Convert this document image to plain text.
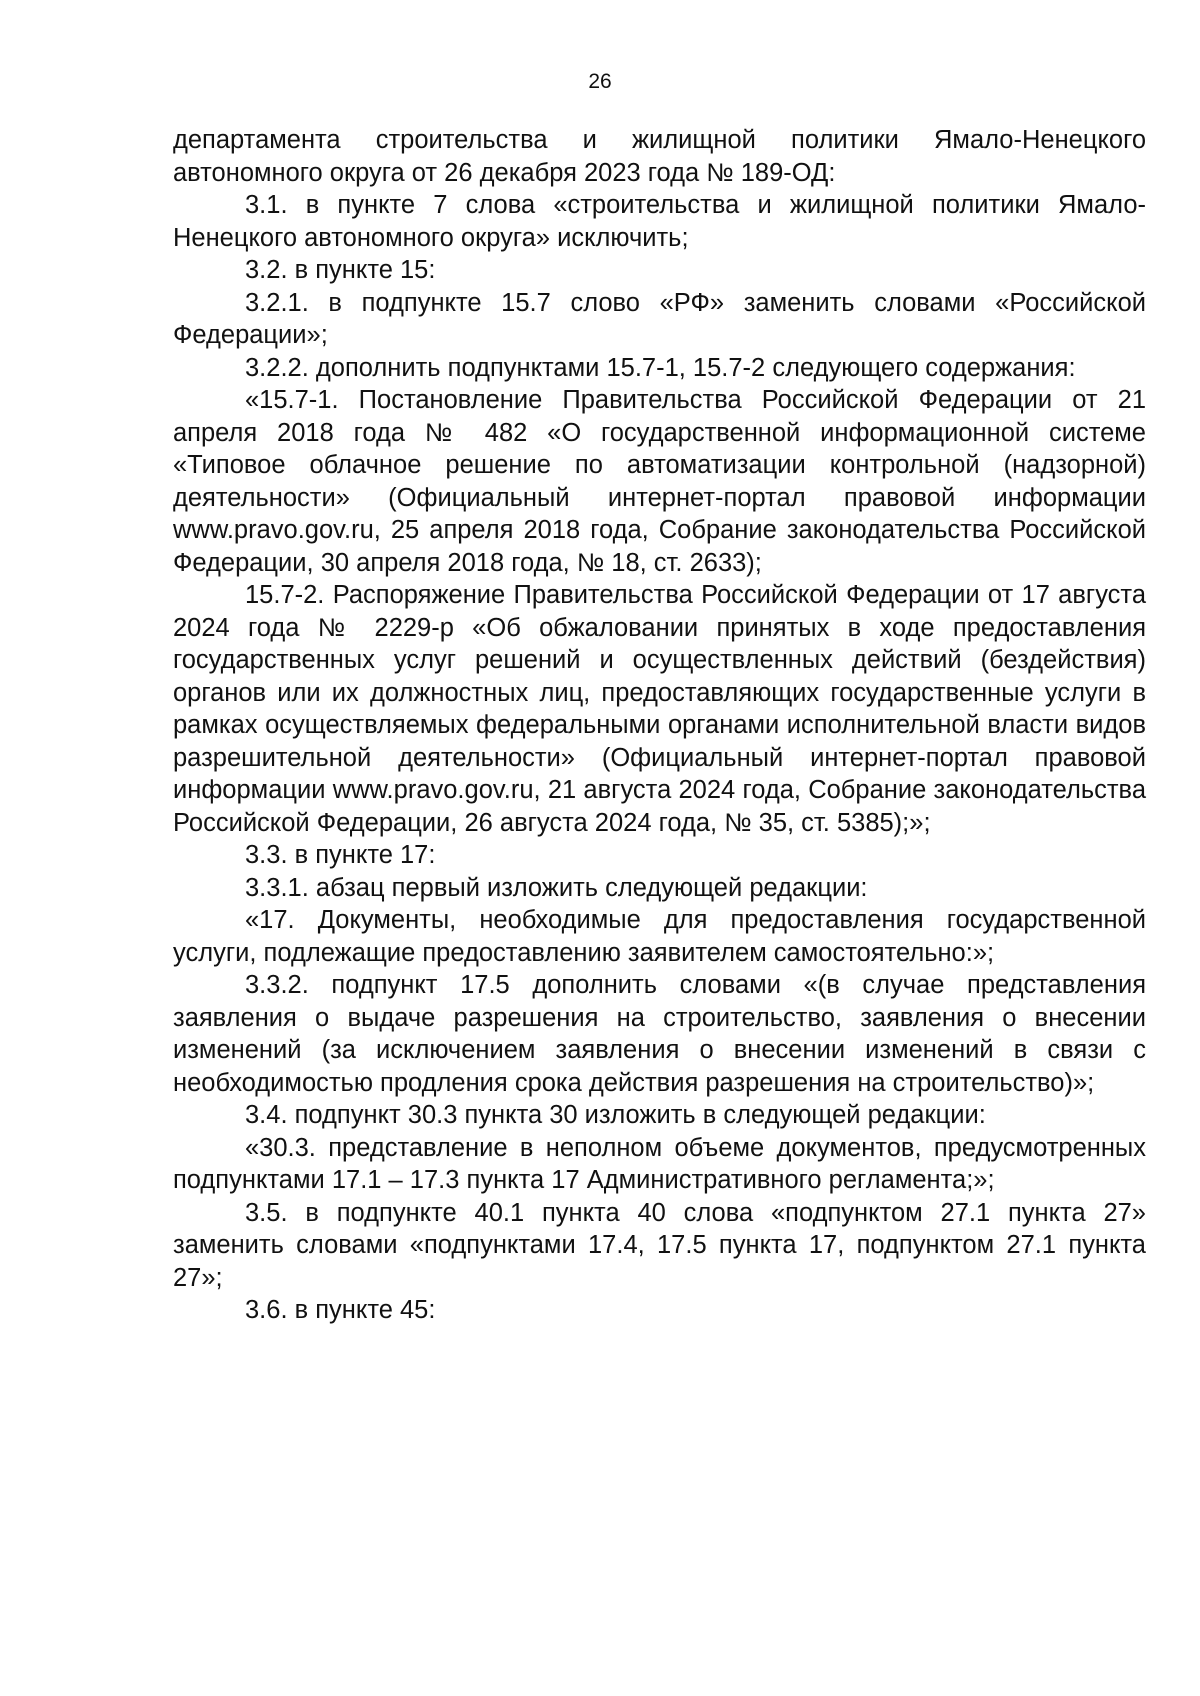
26

департамента строительства и жилищной политики Ямало-Ненецкого автономного округа от 26 декабря 2023 года № 189-ОД:

3.1. в пункте 7 слова «строительства и жилищной политики Ямало-Ненецкого автономного округа» исключить;

3.2. в пункте 15:

3.2.1. в подпункте 15.7 слово «РФ» заменить словами «Российской Федерации»;

3.2.2. дополнить подпунктами 15.7-1, 15.7-2 следующего содержания:

«15.7-1. Постановление Правительства Российской Федерации от 21 апреля 2018 года № 482 «О государственной информационной системе «Типовое облачное решение по автоматизации контрольной (надзорной) деятельности» (Официальный интернет-портал правовой информации www.pravo.gov.ru, 25 апреля 2018 года, Собрание законодательства Российской Федерации, 30 апреля 2018 года, № 18, ст. 2633);

15.7-2. Распоряжение Правительства Российской Федерации от 17 августа 2024 года № 2229-р «Об обжаловании принятых в ходе предоставления государственных услуг решений и осуществленных действий (бездействия) органов или их должностных лиц, предоставляющих государственные услуги в рамках осуществляемых федеральными органами исполнительной власти видов разрешительной деятельности» (Официальный интернет-портал правовой информации www.pravo.gov.ru, 21 августа 2024 года, Собрание законодательства Российской Федерации, 26 августа 2024 года, № 35, ст. 5385);»;

3.3. в пункте 17:

3.3.1. абзац первый изложить следующей редакции:

«17. Документы, необходимые для предоставления государственной услуги, подлежащие предоставлению заявителем самостоятельно:»;

3.3.2. подпункт 17.5 дополнить словами «(в случае представления заявления о выдаче разрешения на строительство, заявления о внесении изменений (за исключением заявления о внесении изменений в связи с необходимостью продления срока действия разрешения на строительство)»;

3.4. подпункт 30.3 пункта 30 изложить в следующей редакции:

«30.3. представление в неполном объеме документов, предусмотренных подпунктами 17.1 – 17.3 пункта 17 Административного регламента;»;

3.5. в подпункте 40.1 пункта 40 слова «подпунктом 27.1 пункта 27» заменить словами «подпунктами 17.4, 17.5 пункта 17, подпунктом 27.1 пункта 27»;

3.6. в пункте 45:
